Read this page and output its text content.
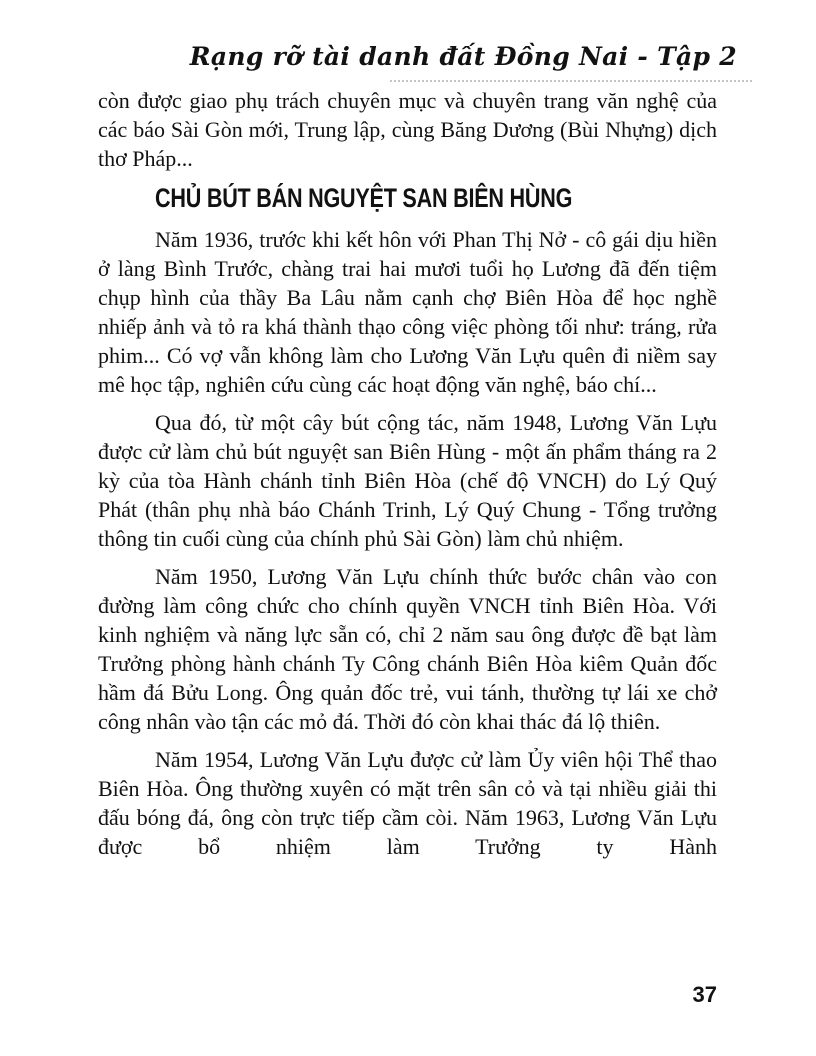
Rạng rỡ tài danh đất Đồng Nai - Tập 2

còn được giao phụ trách chuyên mục và chuyên trang văn nghệ của các báo Sài Gòn mới, Trung lập, cùng Băng Dương (Bùi Nhựng) dịch thơ Pháp...

CHỦ BÚT BÁN NGUYỆT SAN BIÊN HÙNG

Năm 1936, trước khi kết hôn với Phan Thị Nở - cô gái dịu hiền ở làng Bình Trước, chàng trai hai mươi tuổi họ Lương đã đến tiệm chụp hình của thầy Ba Lâu nằm cạnh chợ Biên Hòa để học nghề nhiếp ảnh và tỏ ra khá thành thạo công việc phòng tối như: tráng, rửa phim... Có vợ vẫn không làm cho Lương Văn Lựu quên đi niềm say mê học tập, nghiên cứu cùng các hoạt động văn nghệ, báo chí...

Qua đó, từ một cây bút cộng tác, năm 1948, Lương Văn Lựu được cử làm chủ bút nguyệt san Biên Hùng - một ấn phẩm tháng ra 2 kỳ của tòa Hành chánh tỉnh Biên Hòa (chế độ VNCH) do Lý Quý Phát (thân phụ nhà báo Chánh Trinh, Lý Quý Chung - Tổng trưởng thông tin cuối cùng của chính phủ Sài Gòn) làm chủ nhiệm.

Năm 1950, Lương Văn Lựu chính thức bước chân vào con đường làm công chức cho chính quyền VNCH tỉnh Biên Hòa. Với kinh nghiệm và năng lực sẵn có, chỉ 2 năm sau ông được đề bạt làm Trưởng phòng hành chánh Ty Công chánh Biên Hòa kiêm Quản đốc hầm đá Bửu Long. Ông quản đốc trẻ, vui tánh, thường tự lái xe chở công nhân vào tận các mỏ đá. Thời đó còn khai thác đá lộ thiên.

Năm 1954, Lương Văn Lựu được cử làm Ủy viên hội Thể thao Biên Hòa. Ông thường xuyên có mặt trên sân cỏ và tại nhiều giải thi đấu bóng đá, ông còn trực tiếp cầm còi. Năm 1963, Lương Văn Lựu được bổ nhiệm làm Trưởng ty Hành

37
